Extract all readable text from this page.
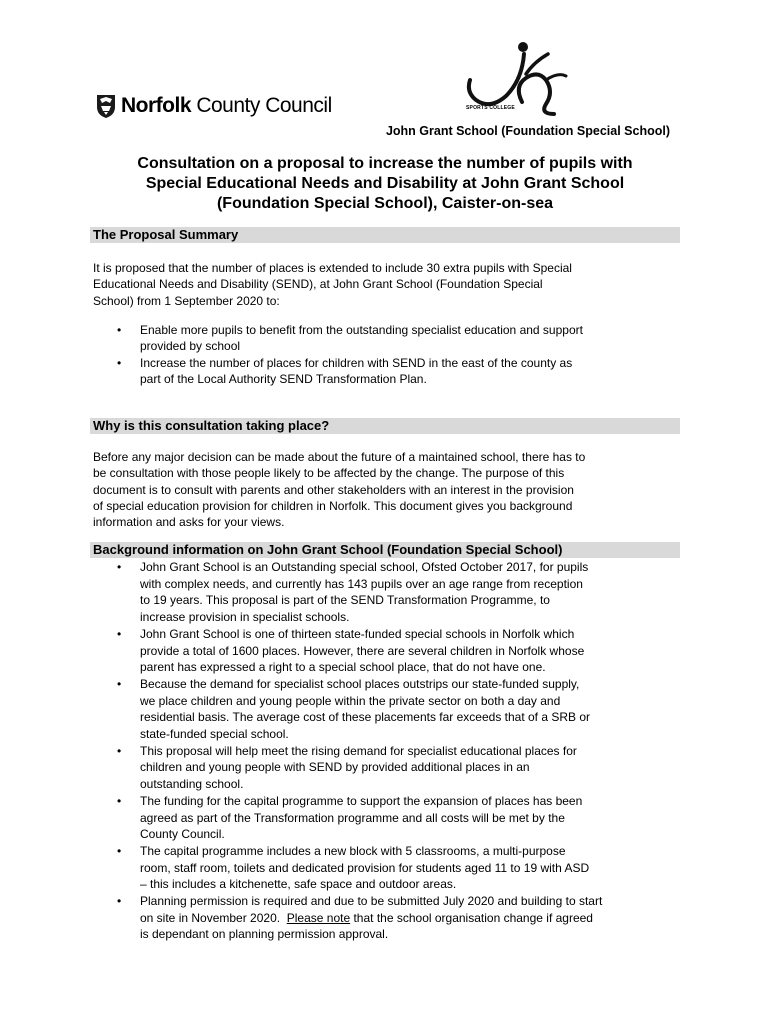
Norfolk County Council	SPORTS COLLEGE
John Grant School (Foundation Special School)
Consultation on a proposal to increase the number of pupils with
Special Educational Needs and Disability at John Grant School
(Foundation Special School), Caister-on-sea
The Proposal Summary
It is proposed that the number of places is extended to include 30 extra pupils with Special
Educational Needs and Disability (SEND), at John Grant School (Foundation Special
School) from 1 September 2020 to:
• Enable more pupils to benefit from the outstanding specialist education and support
provided by school
• Increase the number of places for children with SEND in the east of the county as
part of the Local Authority SEND Transformation Plan.
Why is this consultation taking place?
Before any major decision can be made about the future of a maintained school, there has to
be consultation with those people likely to be affected by the change. The purpose of this
document is to consult with parents and other stakeholders with an interest in the provision
of special education provision for children in Norfolk. This document gives you background
information and asks for your views.
Background information on John Grant School (Foundation Special School)
• John Grant School is an Outstanding special school, Ofsted October 2017, for pupils
with complex needs, and currently has 143 pupils over an age range from reception
to 19 years. This proposal is part of the SEND Transformation Programme, to
increase provision in specialist schools.
• John Grant School is one of thirteen state-funded special schools in Norfolk which
provide a total of 1600 places. However, there are several children in Norfolk whose
parent has expressed a right to a special school place, that do not have one.
• Because the demand for specialist school places outstrips our state-funded supply,
we place children and young people within the private sector on both a day and
residential basis. The average cost of these placements far exceeds that of a SRB or
state-funded special school.
• This proposal will help meet the rising demand for specialist educational places for
children and young people with SEND by provided additional places in an
outstanding school.
• The funding for the capital programme to support the expansion of places has been
agreed as part of the Transformation programme and all costs will be met by the
County Council.
• The capital programme includes a new block with 5 classrooms, a multi-purpose
room, staff room, toilets and dedicated provision for students aged 11 to 19 with ASD
– this includes a kitchenette, safe space and outdoor areas.
• Planning permission is required and due to be submitted July 2020 and building to start
on site in November 2020.  Please note that the school organisation change if agreed
is dependant on planning permission approval.
